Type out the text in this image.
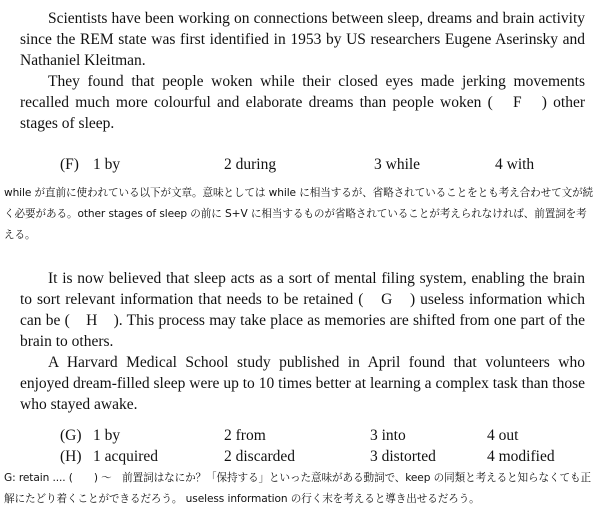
Scientists have been working on connections between sleep, dreams and brain activity since the REM state was first identified in 1953 by US researchers Eugene Aserinsky and Nathaniel Kleitman.

They found that people woken while their closed eyes made jerking movements recalled much more colourful and elaborate dreams than people woken (　F　) other stages of sleep.

(F) 1 by	2 during	3 while	4 with

while が直前に使われている以下が文章。意味としては while に相当するが、省略されていることをとも考え合わせて文が続く必要がある。other stages of sleep の前に S+V に相当するものが省略されていることが考えられなければ、前置詞を考える。

It is now believed that sleep acts as a sort of mental filing system, enabling the brain to sort relevant information that needs to be retained (　G　) useless information which can be (　H　). This process may take place as memories are shifted from one part of the brain to others.

A Harvard Medical School study published in April found that volunteers who enjoyed dream-filled sleep were up to 10 times better at learning a complex task than those who stayed awake.

(G) 1 by	2 from	3 into	4 out
(H) 1 acquired	2 discarded	3 distorted	4 modified

G: retain .... (　　) 〜　前置詞はなにか？「保持する」といった意味がある動詞で、keep の同類と考えると知らなくても正解にたどり着くことができるだろう。 useless information の行く末を考えると導き出せるだろう。
